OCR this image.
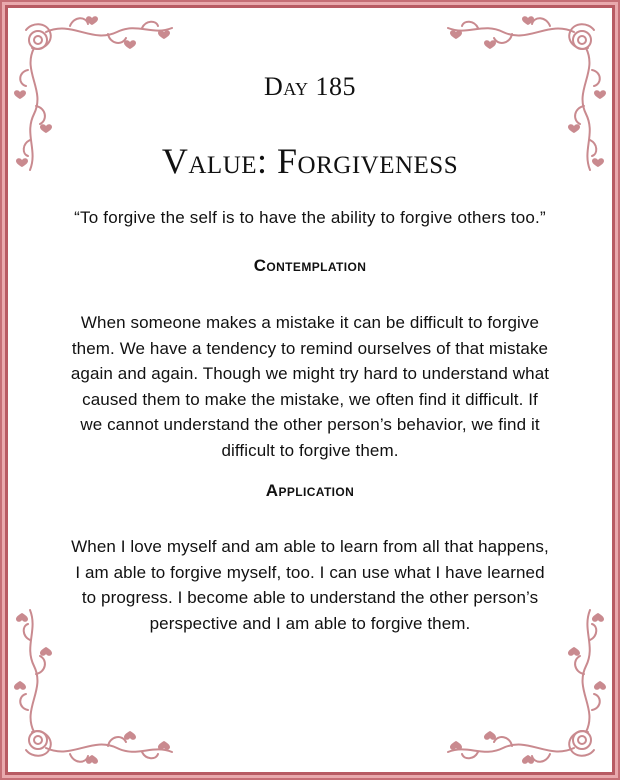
Day 185
Value: Forgiveness
“To forgive the self is to have the ability to forgive others too.”
Contemplation
When someone makes a mistake it can be difficult to forgive
them. We have a tendency to remind ourselves of that mistake
again and again. Though we might try hard to understand what
caused them to make the mistake, we often find it difficult. If
we cannot understand the other person’s behavior, we find it
difficult to forgive them.
Application
When I love myself and am able to learn from all that happens,
I am able to forgive myself, too. I can use what I have learned
to progress. I become able to understand the other person’s
perspective and I am able to forgive them.
